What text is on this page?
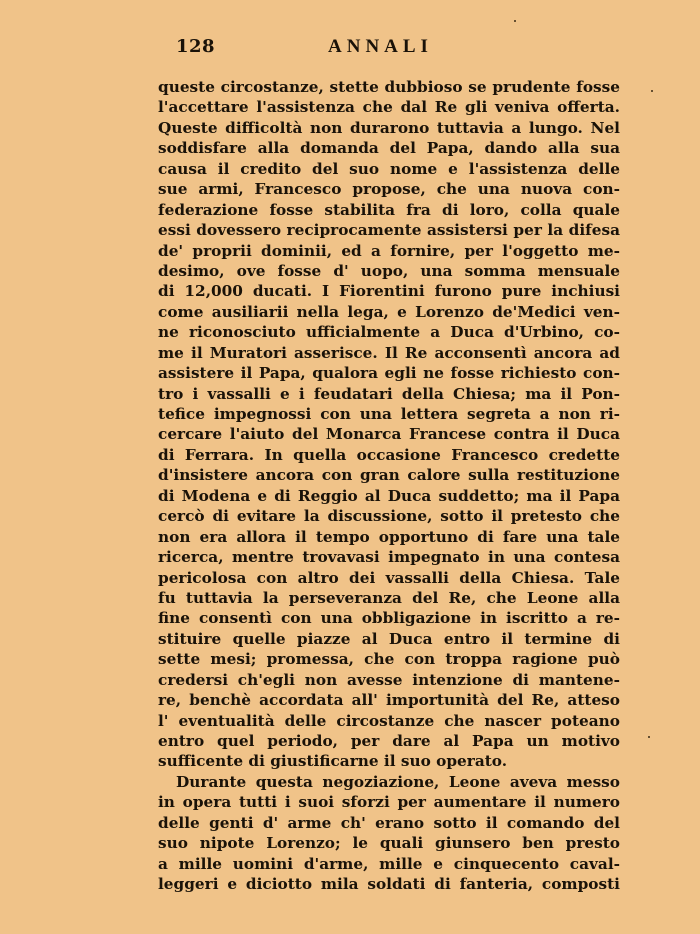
128	ANNALI
queste circostanze, stette dubbioso se prudente fosse
l'accettare l'assistenza che dal Re gli veniva offerta.
Queste difficoltà non durarono tuttavia a lungo. Nel
soddisfare alla domanda del Papa, dando alla sua
causa il credito del suo nome e l'assistenza delle
sue armi, Francesco propose, che una nuova con-
federazione fosse stabilita fra di loro, colla quale
essi dovessero reciprocamente assistersi per la difesa
de' proprii dominii, ed a fornire, per l'oggetto me-
desimo, ove fosse d' uopo, una somma mensuale
di 12,000 ducati. I Fiorentini furono pure inchiusi
come ausiliarii nella lega, e Lorenzo de'Medici ven-
ne riconosciuto ufficialmente a Duca d'Urbino, co-
me il Muratori asserisce. Il Re acconsentì ancora ad
assistere il Papa, qualora egli ne fosse richiesto con-
tro i vassalli e i feudatari della Chiesa; ma il Pon-
tefice impegnossi con una lettera segreta a non ri-
cercare l'aiuto del Monarca Francese contra il Duca
di Ferrara. In quella occasione Francesco credette
d'insistere ancora con gran calore sulla restituzione
di Modena e di Reggio al Duca suddetto; ma il Papa
cercò di evitare la discussione, sotto il pretesto che
non era allora il tempo opportuno di fare una tale
ricerca, mentre trovavasi impegnato in una contesa
pericolosa con altro dei vassalli della Chiesa. Tale
fu tuttavia la perseveranza del Re, che Leone alla
fine consentì con una obbligazione in iscritto a re-
stituire quelle piazze al Duca entro il termine di
sette mesi; promessa, che con troppa ragione può
credersi ch'egli non avesse intenzione di mantene-
re, benchè accordata all' importunità del Re, atteso
l' eventualità delle circostanze che nascer poteano
entro quel periodo, per dare al Papa un motivo
sufficente di giustificarne il suo operato.
Durante questa negoziazione, Leone aveva messo
in opera tutti i suoi sforzi per aumentare il numero
delle genti d' arme ch' erano sotto il comando del
suo nipote Lorenzo; le quali giunsero ben presto
a mille uomini d'arme, mille e cinquecento caval-
leggeri e diciotto mila soldati di fanteria, composti
